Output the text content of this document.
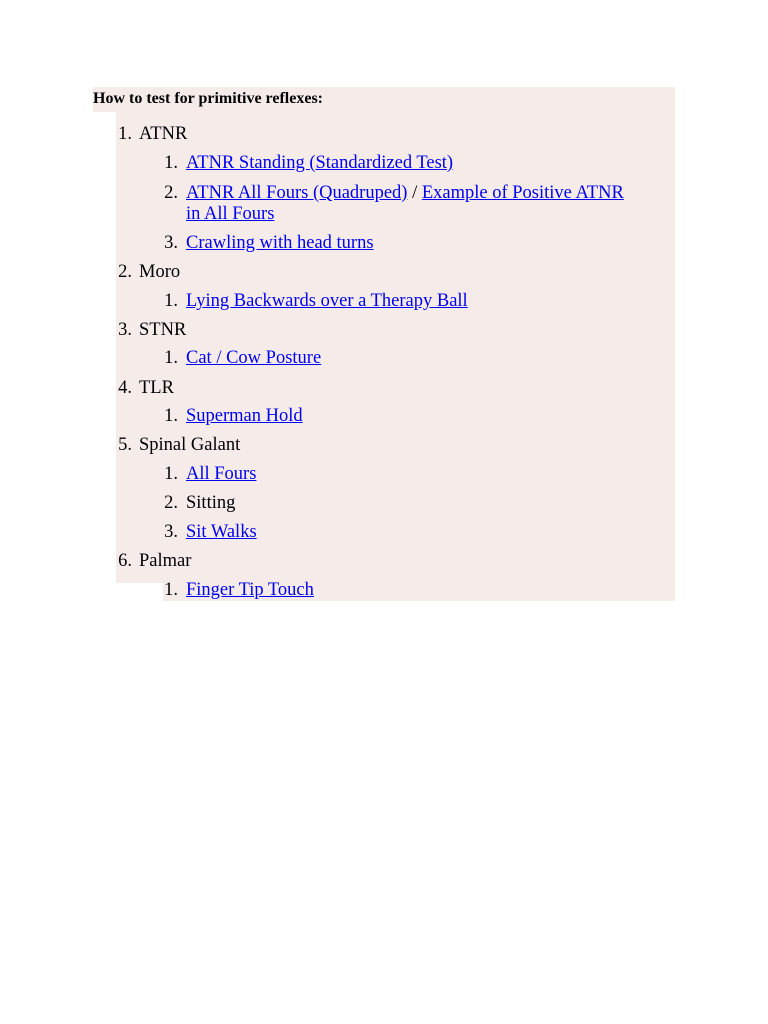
How to test for primitive reflexes:
1. ATNR
1. ATNR Standing (Standardized Test)
2. ATNR All Fours (Quadruped) / Example of Positive ATNR
in All Fours
3. Crawling with head turns
2. Moro
1. Lying Backwards over a Therapy Ball
3. STNR
1. Cat / Cow Posture
4. TLR
1. Superman Hold
5. Spinal Galant
1. All Fours
2. Sitting
3. Sit Walks
6. Palmar
1. Finger Tip Touch
